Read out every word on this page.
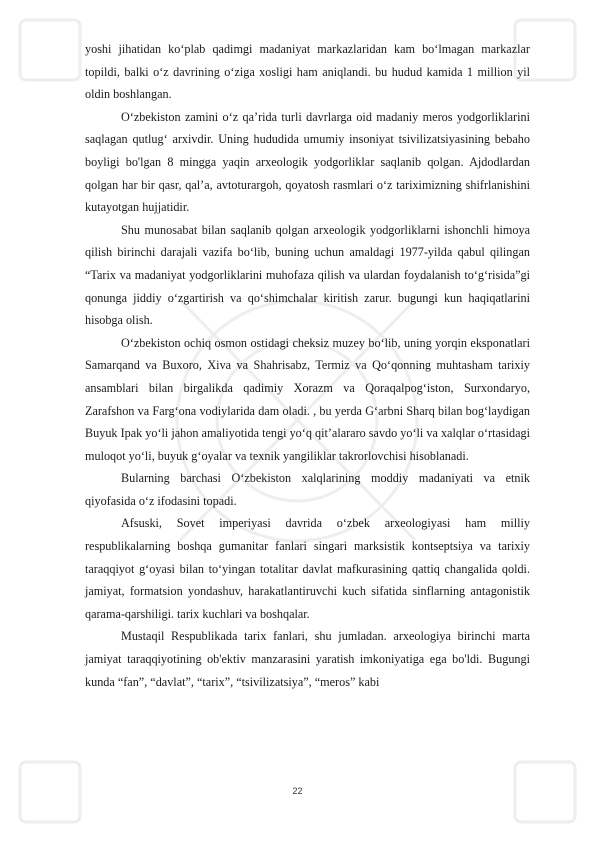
yoshi jihatidan ko‘plab qadimgi madaniyat markazlaridan kam bo‘lmagan markazlar topildi, balki o‘z davrining o‘ziga xosligi ham aniqlandi. bu hudud kamida 1 million yil oldin boshlangan.

O‘zbekiston zamini o‘z qa’rida turli davrlarga oid madaniy meros yodgorliklarini saqlagan qutlug‘ arxivdir. Uning hududida umumiy insoniyat tsivilizatsiyasining bebaho boyligi bo'lgan 8 mingga yaqin arxeologik yodgorliklar saqlanib qolgan. Ajdodlardan qolgan har bir qasr, qal’a, avtoturargoh, qoyatosh rasmlari o‘z tariximizning shifrlanishini kutayotgan hujjatidir.

Shu munosabat bilan saqlanib qolgan arxeologik yodgorliklarni ishonchli himoya qilish birinchi darajali vazifa bo‘lib, buning uchun amaldagi 1977-yilda qabul qilingan “Tarix va madaniyat yodgorliklarini muhofaza qilish va ulardan foydalanish to‘g‘risida”gi qonunga jiddiy o‘zgartirish va qo‘shimchalar kiritish zarur. bugungi kun haqiqatlarini hisobga olish.

O‘zbekiston ochiq osmon ostidagi cheksiz muzey bo‘lib, uning yorqin eksponatlari Samarqand va Buxoro, Xiva va Shahrisabz, Termiz va Qo‘qonning muhtasham tarixiy ansamblari bilan birgalikda qadimiy Xorazm va Qoraqalpog‘iston, Surxondaryo, Zarafshon va Farg‘ona vodiylarida dam oladi. , bu yerda G‘arbni Sharq bilan bog‘laydigan Buyuk Ipak yo‘li jahon amaliyotida tengi yo‘q qit’alararo savdo yo‘li va xalqlar o‘rtasidagi muloqot yo‘li, buyuk g‘oyalar va texnik yangiliklar takrorlovchisi hisoblanadi.

Bularning barchasi O‘zbekiston xalqlarining moddiy madaniyati va etnik qiyofasida o‘z ifodasini topadi.

Afsuski, Sovet imperiyasi davrida o‘zbek arxeologiyasi ham milliy respublikalarning boshqa gumanitar fanlari singari marksistik kontseptsiya va tarixiy taraqqiyot g‘oyasi bilan to‘yingan totalitar davlat mafkurasining qattiq changalida qoldi. jamiyat, formatsion yondashuv, harakatlantiruvchi kuch sifatida sinflarning antagonistik qarama-qarshiligi. tarix kuchlari va boshqalar.

Mustaqil Respublikada tarix fanlari, shu jumladan. arxeologiya birinchi marta jamiyat taraqqiyotining ob'ektiv manzarasini yaratish imkoniyatiga ega bo'ldi. Bugungi kunda “fan”, “davlat”, “tarix”, “tsivilizatsiya”, “meros” kabi

22
